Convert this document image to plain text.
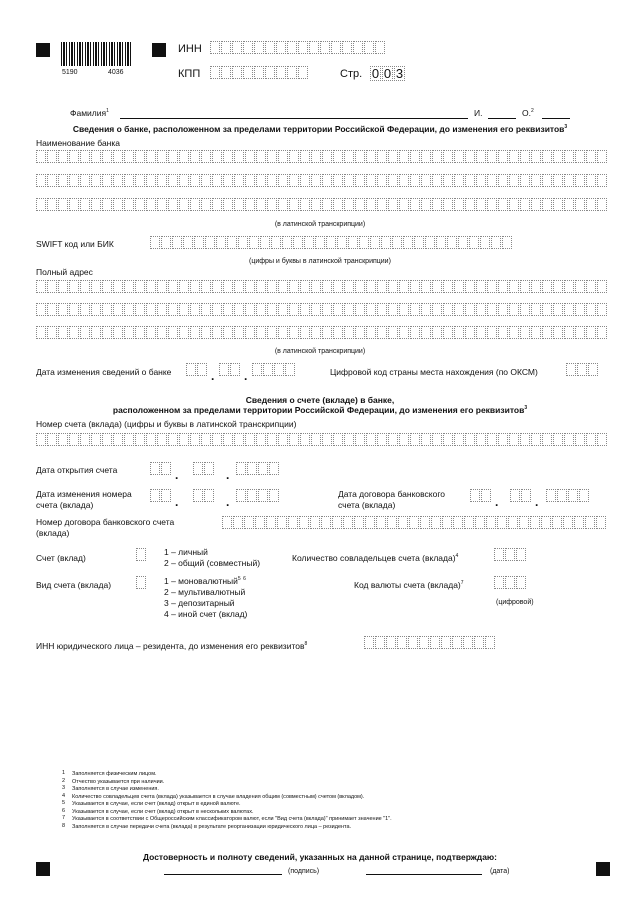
5190	4036
ИНН
КПП	Стр. 0 0 3
Фамилия$^1$	И.	О.$^2$
Сведения о банке, расположенном за пределами территории Российской Федерации, до изменения его реквизитов$^3$
Наименование банка
(в латинской транскрипции)
SWIFT код или БИК
(цифры и буквы в латинской транскрипции)
Полный адрес
(в латинской транскрипции)
Дата изменения сведений о банке	. .	Цифровой код страны места нахождения (по ОКСМ)
Сведения о счете (вкладе) в банке,
расположенном за пределами территории Российской Федерации, до изменения его реквизитов$^3$
Номер счета (вклада) (цифры и буквы в латинской транскрипции)
Дата открытия счета	.	.
Дата изменения номера
счета (вклада)	.	.
Дата договора банковского
счета (вклада)	.	.
Номер договора банковского счета
(вклада)
Счет (вклад)
1 – личный
2 – общий (совместный)	Количество совладельцев счета (вклада)$^4$
Вид счета (вклада)	1 – моновалютный$^5$ $^6$
2 – мультивалютный
3 – депозитарный
4 – иной счет (вклад)
Код валюты счета (вклада)$^7$
(цифровой)
ИНН юридического лица – резидента, до изменения его реквизитов$^8$
1 Заполняется физическим лицом.
2 Отчество указывается при наличии.
3 Заполняется в случае изменения.
4 Количество совладельцев счета (вклада) указывается в случае владения общим (совместным) счетом (вкладом).
5 Указывается в случае, если счет (вклад) открыт в единой валюте.
6 Указывается в случае, если счет (вклад) открыт в нескольких валютах.
7 Указывается в соответствии с Общероссийским классификатором валют, если "Вид счета (вклада)" принимает значение "1".
8 Заполняется в случае передачи счета (вклада) в результате реорганизации юридического лица – резидента.
Достоверность и полноту сведений, указанных на данной странице, подтверждаю:
(подпись)	(дата)
